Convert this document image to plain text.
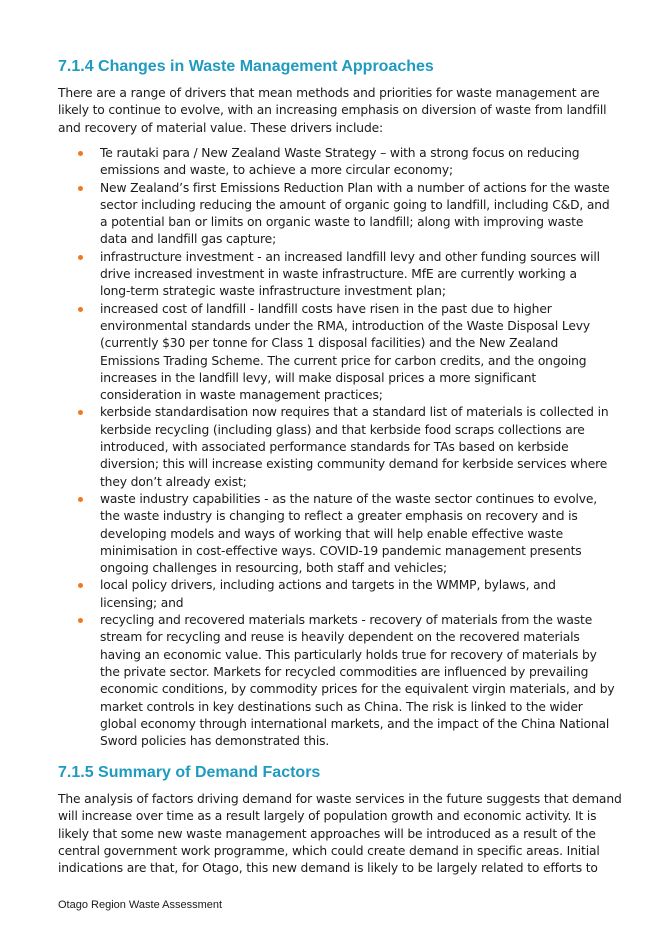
7.1.4 Changes in Waste Management Approaches

There are a range of drivers that mean methods and priorities for waste management are
likely to continue to evolve, with an increasing emphasis on diversion of waste from landfill
and recovery of material value. These drivers include:

Te rautaki para / New Zealand Waste Strategy – with a strong focus on reducing
emissions and waste, to achieve a more circular economy;
New Zealand’s first Emissions Reduction Plan with a number of actions for the waste
sector including reducing the amount of organic going to landfill, including C&D, and
a potential ban or limits on organic waste to landfill; along with improving waste
data and landfill gas capture;
infrastructure investment - an increased landfill levy and other funding sources will
drive increased investment in waste infrastructure. MfE are currently working a
long-term strategic waste infrastructure investment plan;
increased cost of landfill - landfill costs have risen in the past due to higher
environmental standards under the RMA, introduction of the Waste Disposal Levy
(currently $30 per tonne for Class 1 disposal facilities) and the New Zealand
Emissions Trading Scheme. The current price for carbon credits, and the ongoing
increases in the landfill levy, will make disposal prices a more significant
consideration in waste management practices;
kerbside standardisation now requires that a standard list of materials is collected in
kerbside recycling (including glass) and that kerbside food scraps collections are
introduced, with associated performance standards for TAs based on kerbside
diversion; this will increase existing community demand for kerbside services where
they don’t already exist;
waste industry capabilities - as the nature of the waste sector continues to evolve,
the waste industry is changing to reflect a greater emphasis on recovery and is
developing models and ways of working that will help enable effective waste
minimisation in cost-effective ways. COVID-19 pandemic management presents
ongoing challenges in resourcing, both staff and vehicles;
local policy drivers, including actions and targets in the WMMP, bylaws, and
licensing; and
recycling and recovered materials markets - recovery of materials from the waste
stream for recycling and reuse is heavily dependent on the recovered materials
having an economic value. This particularly holds true for recovery of materials by
the private sector. Markets for recycled commodities are influenced by prevailing
economic conditions, by commodity prices for the equivalent virgin materials, and by
market controls in key destinations such as China. The risk is linked to the wider
global economy through international markets, and the impact of the China National
Sword policies has demonstrated this.
7.1.5 Summary of Demand Factors

The analysis of factors driving demand for waste services in the future suggests that demand
will increase over time as a result largely of population growth and economic activity. It is
likely that some new waste management approaches will be introduced as a result of the
central government work programme, which could create demand in specific areas. Initial
indications are that, for Otago, this new demand is likely to be largely related to efforts to

Otago Region Waste Assessment
